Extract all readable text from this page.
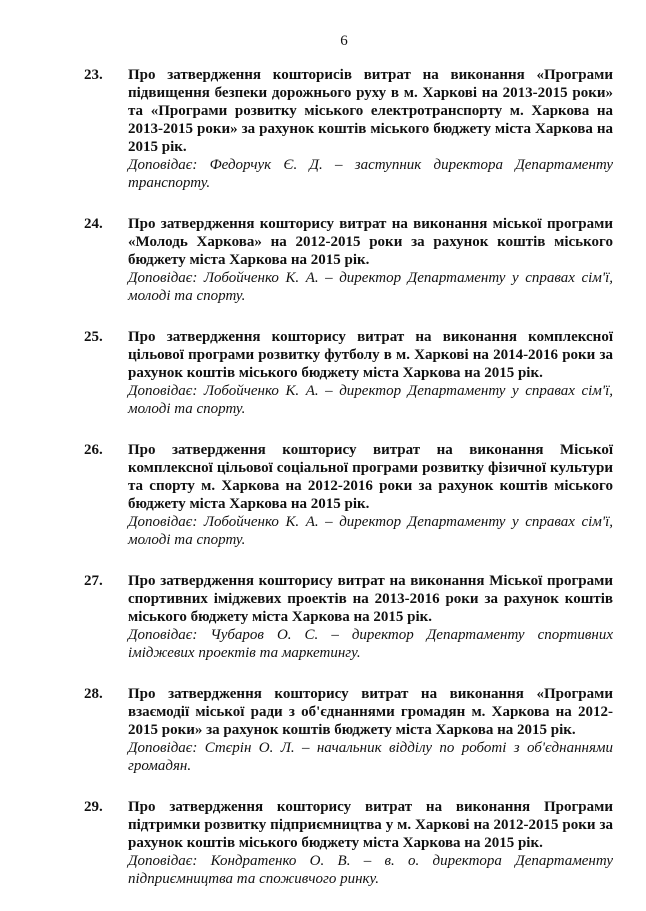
6
23. Про затвердження кошторисів витрат на виконання «Програми підвищення безпеки дорожнього руху в м. Харкові на 2013-2015 роки» та «Програми розвитку міського електротранспорту м. Харкова на 2013-2015 роки» за рахунок коштів міського бюджету міста Харкова на 2015 рік.
Доповідає: Федорчук Є. Д. – заступник директора Департаменту транспорту.
24. Про затвердження кошторису витрат на виконання міської програми «Молодь Харкова» на 2012-2015 роки за рахунок коштів міського бюджету міста Харкова на 2015 рік.
Доповідає: Лобойченко К. А. – директор Департаменту у справах сім'ї, молоді та спорту.
25. Про затвердження кошторису витрат на виконання комплексної цільової програми розвитку футболу в м. Харкові на 2014-2016 роки за рахунок коштів міського бюджету міста Харкова на 2015 рік.
Доповідає: Лобойченко К. А. – директор Департаменту у справах сім'ї, молоді та спорту.
26. Про затвердження кошторису витрат на виконання Міської комплексної цільової соціальної програми розвитку фізичної культури та спорту м. Харкова на 2012-2016 роки за рахунок коштів міського бюджету міста Харкова на 2015 рік.
Доповідає: Лобойченко К. А. – директор Департаменту у справах сім'ї, молоді та спорту.
27. Про затвердження кошторису витрат на виконання Міської програми спортивних іміджевих проектів на 2013-2016 роки за рахунок коштів міського бюджету міста Харкова на 2015 рік.
Доповідає: Чубаров О. С. – директор Департаменту спортивних іміджевих проектів та маркетингу.
28. Про затвердження кошторису витрат на виконання «Програми взаємодії міської ради з об'єднаннями громадян м. Харкова на 2012-2015 роки» за рахунок коштів бюджету міста Харкова на 2015 рік.
Доповідає: Стєрін О. Л. – начальник відділу по роботі з об'єднаннями громадян.
29. Про затвердження кошторису витрат на виконання Програми підтримки розвитку підприємництва у м. Харкові на 2012-2015 роки за рахунок коштів міського бюджету міста Харкова на 2015 рік.
Доповідає: Кондратенко О. В. – в. о. директора Департаменту підприємництва та споживчого ринку.
